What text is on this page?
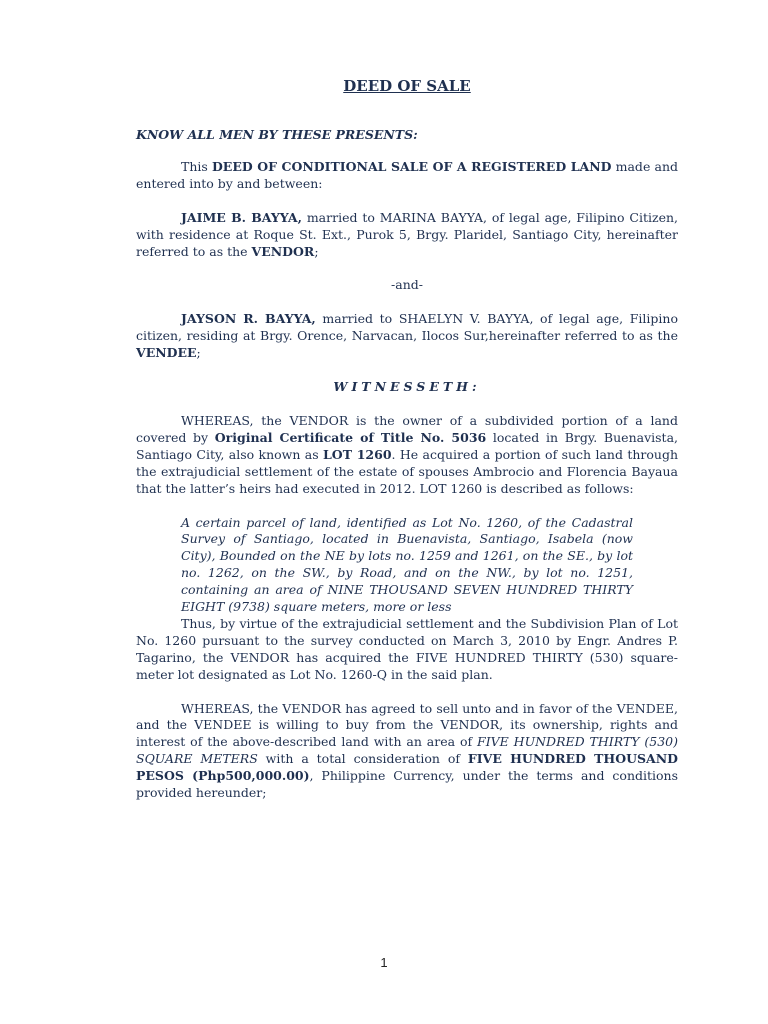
DEED OF SALE

KNOW ALL MEN BY THESE PRESENTS:

This DEED OF CONDITIONAL SALE OF A REGISTERED LAND made and entered into by and between:

JAIME B. BAYYA, married to MARINA BAYYA, of legal age, Filipino Citizen, with residence at Roque St. Ext., Purok 5, Brgy. Plaridel, Santiago City, hereinafter referred to as the VENDOR;

-and-

JAYSON R. BAYYA, married to SHAELYN V. BAYYA, of legal age, Filipino citizen, residing at Brgy. Orence, Narvacan, Ilocos Sur,hereinafter referred to as the VENDEE;

WITNESSETH:

WHEREAS, the VENDOR is the owner of a subdivided portion of a land covered by Original Certificate of Title No. 5036 located in Brgy. Buenavista, Santiago City, also known as LOT 1260. He acquired a portion of such land through the extrajudicial settlement of the estate of spouses Ambrocio and Florencia Bayaua that the latter’s heirs had executed in 2012. LOT 1260 is described as follows:

A certain parcel of land, identified as Lot No. 1260, of the Cadastral Survey of Santiago, located in Buenavista, Santiago, Isabela (now City), Bounded on the NE by lots no. 1259 and 1261, on the SE., by lot no. 1262, on the SW., by Road, and on the NW., by lot no. 1251, containing an area of NINE THOUSAND SEVEN HUNDRED THIRTY EIGHT (9738) square meters, more or less

Thus, by virtue of the extrajudicial settlement and the Subdivision Plan of Lot No. 1260 pursuant to the survey conducted on March 3, 2010 by Engr. Andres P. Tagarino, the VENDOR has acquired the FIVE HUNDRED THIRTY (530) square-meter lot designated as Lot No. 1260-Q in the said plan.

WHEREAS, the VENDOR has agreed to sell unto and in favor of the VENDEE, and the VENDEE is willing to buy from the VENDOR, its ownership, rights and interest of the above-described land with an area of FIVE HUNDRED THIRTY (530) SQUARE METERS with a total consideration of FIVE HUNDRED THOUSAND PESOS (Php500,000.00), Philippine Currency, under the terms and conditions provided hereunder;

1
